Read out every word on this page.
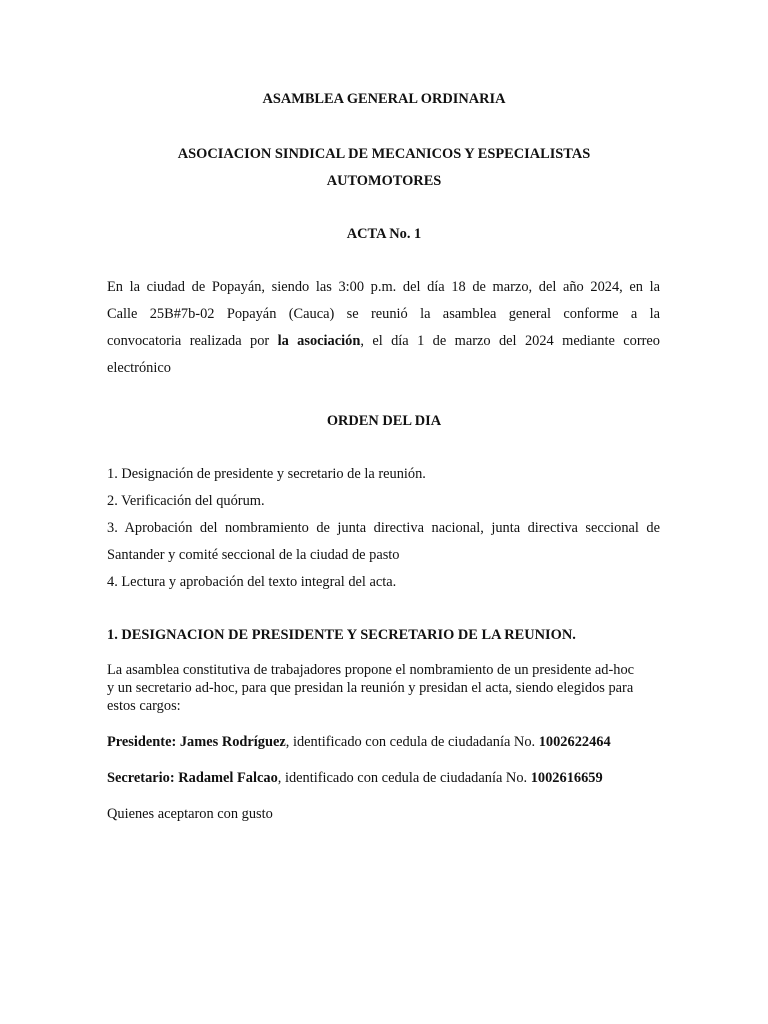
ASAMBLEA GENERAL ORDINARIA
ASOCIACION SINDICAL DE MECANICOS Y ESPECIALISTAS
AUTOMOTORES
ACTA No. 1
En la ciudad de Popayán, siendo las 3:00 p.m. del día 18 de marzo, del año 2024, en la
Calle 25B#7b-02 Popayán (Cauca) se reunió la asamblea general conforme a la
convocatoria realizada por la asociación, el día 1 de marzo del 2024 mediante correo
electrónico
ORDEN DEL DIA
1. Designación de presidente y secretario de la reunión.
2. Verificación del quórum.
3. Aprobación del nombramiento de junta directiva nacional, junta directiva seccional de
Santander y comité seccional de la ciudad de pasto
4. Lectura y aprobación del texto integral del acta.
1. DESIGNACION DE PRESIDENTE Y SECRETARIO DE LA REUNION.
La asamblea constitutiva de trabajadores propone el nombramiento de un presidente ad-hoc
y un secretario ad-hoc, para que presidan la reunión y presidan el acta, siendo elegidos para
estos cargos:
Presidente: James Rodríguez, identificado con cedula de ciudadanía No. 1002622464
Secretario: Radamel Falcao, identificado con cedula de ciudadanía No. 1002616659
Quienes aceptaron con gusto
